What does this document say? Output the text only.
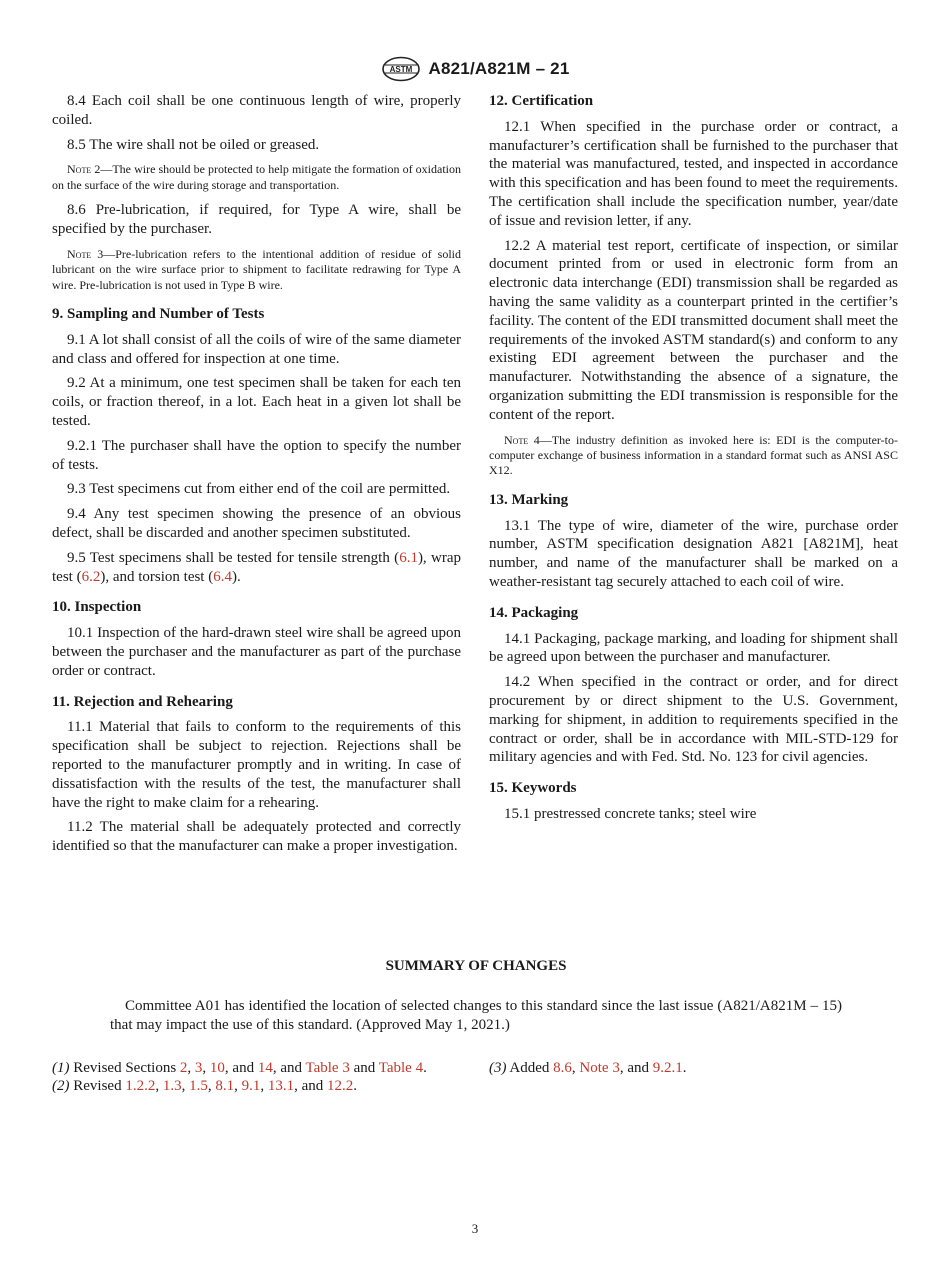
ASTM A821/A821M – 21

8.4 Each coil shall be one continuous length of wire, properly coiled.

8.5 The wire shall not be oiled or greased.

Note 2—The wire should be protected to help mitigate the formation of oxidation on the surface of the wire during storage and transportation.

8.6 Pre-lubrication, if required, for Type A wire, shall be specified by the purchaser.

Note 3—Pre-lubrication refers to the intentional addition of residue of solid lubricant on the wire surface prior to shipment to facilitate redrawing for Type A wire. Pre-lubrication is not used in Type B wire.

9. Sampling and Number of Tests

9.1 A lot shall consist of all the coils of wire of the same diameter and class and offered for inspection at one time.

9.2 At a minimum, one test specimen shall be taken for each ten coils, or fraction thereof, in a lot. Each heat in a given lot shall be tested.

9.2.1 The purchaser shall have the option to specify the number of tests.

9.3 Test specimens cut from either end of the coil are permitted.

9.4 Any test specimen showing the presence of an obvious defect, shall be discarded and another specimen substituted.

9.5 Test specimens shall be tested for tensile strength (6.1), wrap test (6.2), and torsion test (6.4).

10. Inspection

10.1 Inspection of the hard-drawn steel wire shall be agreed upon between the purchaser and the manufacturer as part of the purchase order or contract.

11. Rejection and Rehearing

11.1 Material that fails to conform to the requirements of this specification shall be subject to rejection. Rejections shall be reported to the manufacturer promptly and in writing. In case of dissatisfaction with the results of the test, the manufacturer shall have the right to make claim for a rehearing.

11.2 The material shall be adequately protected and correctly identified so that the manufacturer can make a proper investigation.

12. Certification

12.1 When specified in the purchase order or contract, a manufacturer’s certification shall be furnished to the purchaser that the material was manufactured, tested, and inspected in accordance with this specification and has been found to meet the requirements. The certification shall include the specification number, year/date of issue and revision letter, if any.

12.2 A material test report, certificate of inspection, or similar document printed from or used in electronic form from an electronic data interchange (EDI) transmission shall be regarded as having the same validity as a counterpart printed in the certifier’s facility. The content of the EDI transmitted document shall meet the requirements of the invoked ASTM standard(s) and conform to any existing EDI agreement between the purchaser and the manufacturer. Notwithstanding the absence of a signature, the organization submitting the EDI transmission is responsible for the content of the report.

Note 4—The industry definition as invoked here is: EDI is the computer-to-computer exchange of business information in a standard format such as ANSI ASC X12.

13. Marking

13.1 The type of wire, diameter of the wire, purchase order number, ASTM specification designation A821 [A821M], heat number, and name of the manufacturer shall be marked on a weather-resistant tag securely attached to each coil of wire.

14. Packaging

14.1 Packaging, package marking, and loading for shipment shall be agreed upon between the purchaser and manufacturer.

14.2 When specified in the contract or order, and for direct procurement by or direct shipment to the U.S. Government, marking for shipment, in addition to requirements specified in the contract or order, shall be in accordance with MIL-STD-129 for military agencies and with Fed. Std. No. 123 for civil agencies.

15. Keywords

15.1 prestressed concrete tanks; steel wire

SUMMARY OF CHANGES

Committee A01 has identified the location of selected changes to this standard since the last issue (A821/A821M – 15) that may impact the use of this standard. (Approved May 1, 2021.)

(1) Revised Sections 2, 3, 10, and 14, and Table 3 and Table 4.
(2) Revised 1.2.2, 1.3, 1.5, 8.1, 9.1, 13.1, and 12.2.
(3) Added 8.6, Note 3, and 9.2.1.
3
